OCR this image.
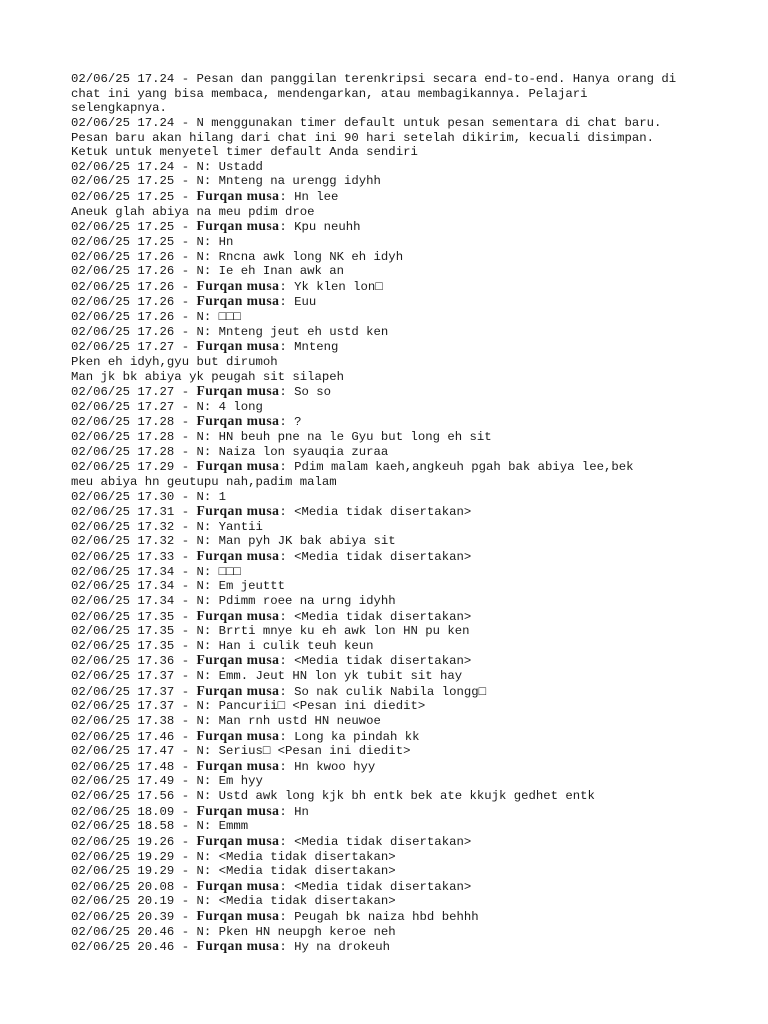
02/06/25 17.24 - Pesan dan panggilan terenkripsi secara end-to-end. Hanya orang di
chat ini yang bisa membaca, mendengarkan, atau membagikannya. Pelajari
selengkapnya.
02/06/25 17.24 - N menggunakan timer default untuk pesan sementara di chat baru.
Pesan baru akan hilang dari chat ini 90 hari setelah dikirim, kecuali disimpan.
Ketuk untuk menyetel timer default Anda sendiri
02/06/25 17.24 - N: Ustadd
02/06/25 17.25 - N: Mnteng na urengg idyhh
02/06/25 17.25 - Furqan musa: Hn lee
Aneuk glah abiya na meu pdim droe
02/06/25 17.25 - Furqan musa: Kpu neuhh
02/06/25 17.25 - N: Hn
02/06/25 17.26 - N: Rncna awk long NK eh idyh
02/06/25 17.26 - N: Ie eh Inan awk an
02/06/25 17.26 - Furqan musa: Yk klen lon□
02/06/25 17.26 - Furqan musa: Euu
02/06/25 17.26 - N: □□□
02/06/25 17.26 - N: Mnteng jeut eh ustd ken
02/06/25 17.27 - Furqan musa: Mnteng
Pken eh idyh,gyu but dirumoh
Man jk bk abiya yk peugah sit silapeh
02/06/25 17.27 - Furqan musa: So so
02/06/25 17.27 - N: 4 long
02/06/25 17.28 - Furqan musa: ?
02/06/25 17.28 - N: HN beuh pne na le Gyu but long eh sit
02/06/25 17.28 - N: Naiza lon syauqia zuraa
02/06/25 17.29 - Furqan musa: Pdim malam kaeh,angkeuh pgah bak abiya lee,bek
meu abiya hn geutupu nah,padim malam
02/06/25 17.30 - N: 1
02/06/25 17.31 - Furqan musa: <Media tidak disertakan>
02/06/25 17.32 - N: Yantii
02/06/25 17.32 - N: Man pyh JK bak abiya sit
02/06/25 17.33 - Furqan musa: <Media tidak disertakan>
02/06/25 17.34 - N: □□□
02/06/25 17.34 - N: Em jeuttt
02/06/25 17.34 - N: Pdimm roee na urng idyhh
02/06/25 17.35 - Furqan musa: <Media tidak disertakan>
02/06/25 17.35 - N: Brrti mnye ku eh awk lon HN pu ken
02/06/25 17.35 - N: Han i culik teuh keun
02/06/25 17.36 - Furqan musa: <Media tidak disertakan>
02/06/25 17.37 - N: Emm. Jeut HN lon yk tubit sit hay
02/06/25 17.37 - Furqan musa: So nak culik Nabila longg□
02/06/25 17.37 - N: Pancurii□ <Pesan ini diedit>
02/06/25 17.38 - N: Man rnh ustd HN neuwoe
02/06/25 17.46 - Furqan musa: Long ka pindah kk
02/06/25 17.47 - N: Serius□ <Pesan ini diedit>
02/06/25 17.48 - Furqan musa: Hn kwoo hyy
02/06/25 17.49 - N: Em hyy
02/06/25 17.56 - N: Ustd awk long kjk bh entk bek ate kkujk gedhet entk
02/06/25 18.09 - Furqan musa: Hn
02/06/25 18.58 - N: Emmm
02/06/25 19.26 - Furqan musa: <Media tidak disertakan>
02/06/25 19.29 - N: <Media tidak disertakan>
02/06/25 19.29 - N: <Media tidak disertakan>
02/06/25 20.08 - Furqan musa: <Media tidak disertakan>
02/06/25 20.19 - N: <Media tidak disertakan>
02/06/25 20.39 - Furqan musa: Peugah bk naiza hbd behhh
02/06/25 20.46 - N: Pken HN neupgh keroe neh
02/06/25 20.46 - Furqan musa: Hy na drokeuh
